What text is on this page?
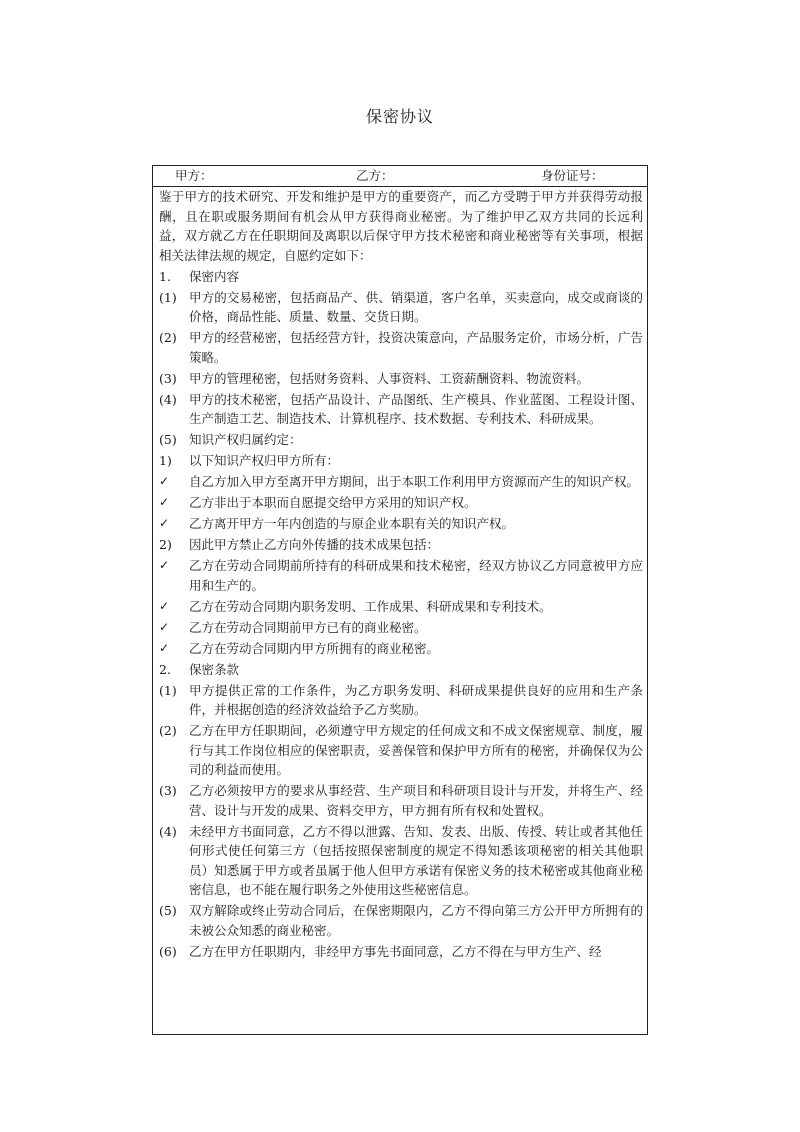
保密协议
甲方：	乙方：	身份证号：
鉴于甲方的技术研究、开发和维护是甲方的重要资产，而乙方受聘于甲方并获得劳动报酬，且在职或服务期间有机会从甲方获得商业秘密。为了维护甲乙双方共同的长远利益，双方就乙方在任职期间及离职以后保守甲方技术秘密和商业秘密等有关事项，根据相关法律法规的规定，自愿约定如下：
1.	保密内容
(1) 甲方的交易秘密，包括商品产、供、销渠道，客户名单，买卖意向，成交或商谈的价格，商品性能、质量、数量、交货日期。
(2) 甲方的经营秘密，包括经营方针，投资决策意向，产品服务定价，市场分析，广告策略。
(3) 甲方的管理秘密，包括财务资料、人事资料、工资薪酬资料、物流资料。
(4) 甲方的技术秘密，包括产品设计、产品图纸、生产模具、作业蓝图、工程设计图、生产制造工艺、制造技术、计算机程序、技术数据、专利技术、科研成果。
(5) 知识产权归属约定：
1)	以下知识产权归甲方所有：
✓	自乙方加入甲方至离开甲方期间，出于本职工作利用甲方资源而产生的知识产权。
✓	乙方非出于本职而自愿提交给甲方采用的知识产权。
✓	乙方离开甲方一年内创造的与原企业本职有关的知识产权。
2)	因此甲方禁止乙方向外传播的技术成果包括：
✓	乙方在劳动合同期前所持有的科研成果和技术秘密，经双方协议乙方同意被甲方应用和生产的。
✓	乙方在劳动合同期内职务发明、工作成果、科研成果和专利技术。
✓	乙方在劳动合同期前甲方已有的商业秘密。
✓	乙方在劳动合同期内甲方所拥有的商业秘密。
2.	保密条款
(1) 甲方提供正常的工作条件，为乙方职务发明、科研成果提供良好的应用和生产条件，并根据创造的经济效益给予乙方奖励。
(2) 乙方在甲方任职期间，必须遵守甲方规定的任何成文和不成文保密规章、制度，履行与其工作岗位相应的保密职责，妥善保管和保护甲方所有的秘密，并确保仅为公司的利益而使用。
(3) 乙方必须按甲方的要求从事经营、生产项目和科研项目设计与开发，并将生产、经营、设计与开发的成果、资料交甲方，甲方拥有所有权和处置权。
(4) 未经甲方书面同意，乙方不得以泄露、告知、发表、出版、传授、转让或者其他任何形式使任何第三方（包括按照保密制度的规定不得知悉该项秘密的相关其他职员）知悉属于甲方或者虽属于他人但甲方承诺有保密义务的技术秘密或其他商业秘密信息，也不能在履行职务之外使用这些秘密信息。
(5) 双方解除或终止劳动合同后，在保密期限内，乙方不得向第三方公开甲方所拥有的未被公众知悉的商业秘密。
(6) 乙方在甲方任职期内，非经甲方事先书面同意，乙方不得在与甲方生产、经
